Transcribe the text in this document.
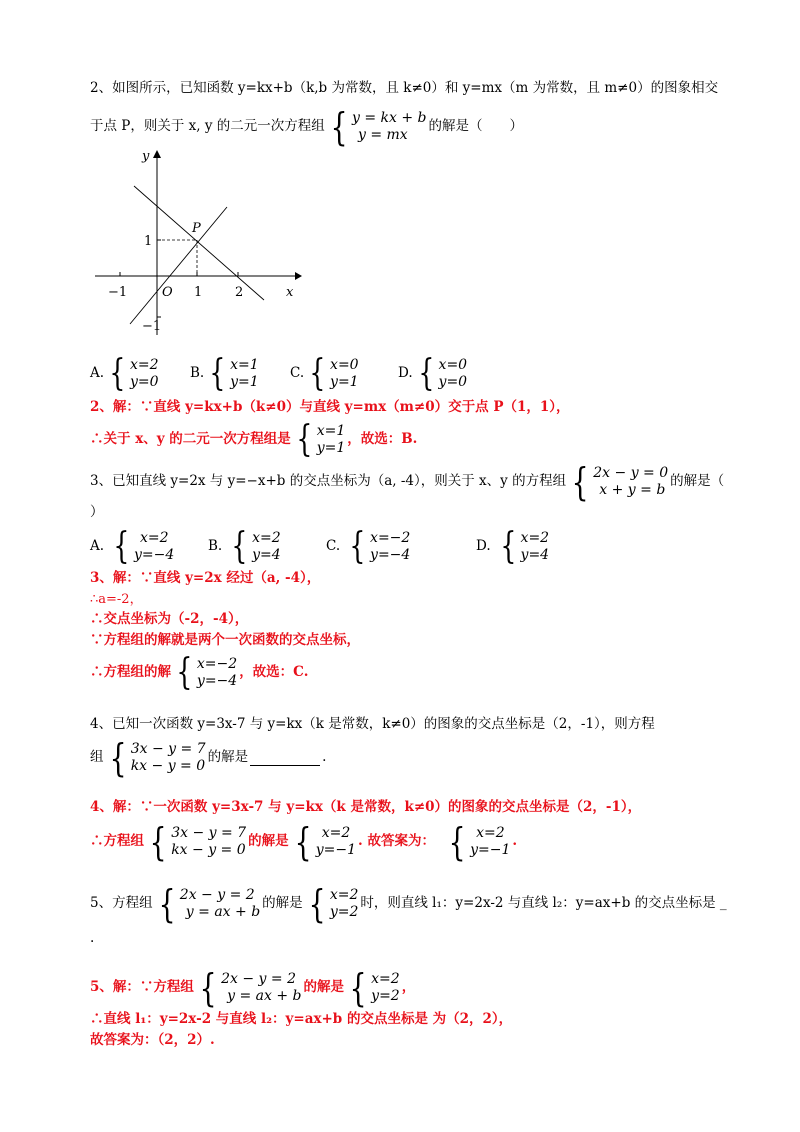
2、如图所示，已知函数 y=kx+b（k,b 为常数，且 k≠0）和 y=mx（m 为常数，且 m≠0）的图象相交
于点 P，则关于 x, y 的二元一次方程组 { y = kx + b
y = mx
的解是（　　）
y
x
P
O
−1	1	2
1
−1
A. { x=2
y=0
B. { x=1
y=1
C. { x=0
y=1
D. { x=0
y=0
2、解：∵直线 y=kx+b（k≠0）与直线 y=mx（m≠0）交于点 P（1，1），
∴关于 x、y 的二元一次方程组是 { x=1
y=1
，故选：B.
3、已知直线 y=2x 与 y=−x+b 的交点坐标为（a, -4），则关于 x、y 的方程组 { 2x − y = 0
x + y = b
的解是（
）
A. { x=2
y=−4
B. { x=2
y=4
C. { x=−2
y=−4
D. { x=2
y=4
3、解：∵直线 y=2x 经过（a, -4），
∴a=-2，
∴交点坐标为（-2，-4），
∵方程组的解就是两个一次函数的交点坐标，
∴方程组的解 { x=−2
y=−4
，故选：C.
4、已知一次函数 y=3x-7 与 y=kx（k 是常数，k≠0）的图象的交点坐标是（2，-1），则方程
组 { 3x − y = 7
kx − y = 0
的解是	.
4、解：∵一次函数 y=3x-7 与 y=kx（k 是常数，k≠0）的图象的交点坐标是（2，-1），
∴方程组 { 3x − y = 7
kx − y = 0
的解是 { x=2
y=−1
. 故答案为： { x=2
y=−1
.
5、方程组 { 2x − y = 2
y = ax + b
的解是 { x=2
y=2
时，则直线 l₁：y=2x-2 与直线 l₂：y=ax+b 的交点坐标是 _
.
5、解：∵方程组 { 2x − y = 2
y = ax + b
的解是 { x=2
y=2
，
∴直线 l₁：y=2x-2 与直线 l₂：y=ax+b 的交点坐标是 为（2，2），
故答案为：（2，2）.
